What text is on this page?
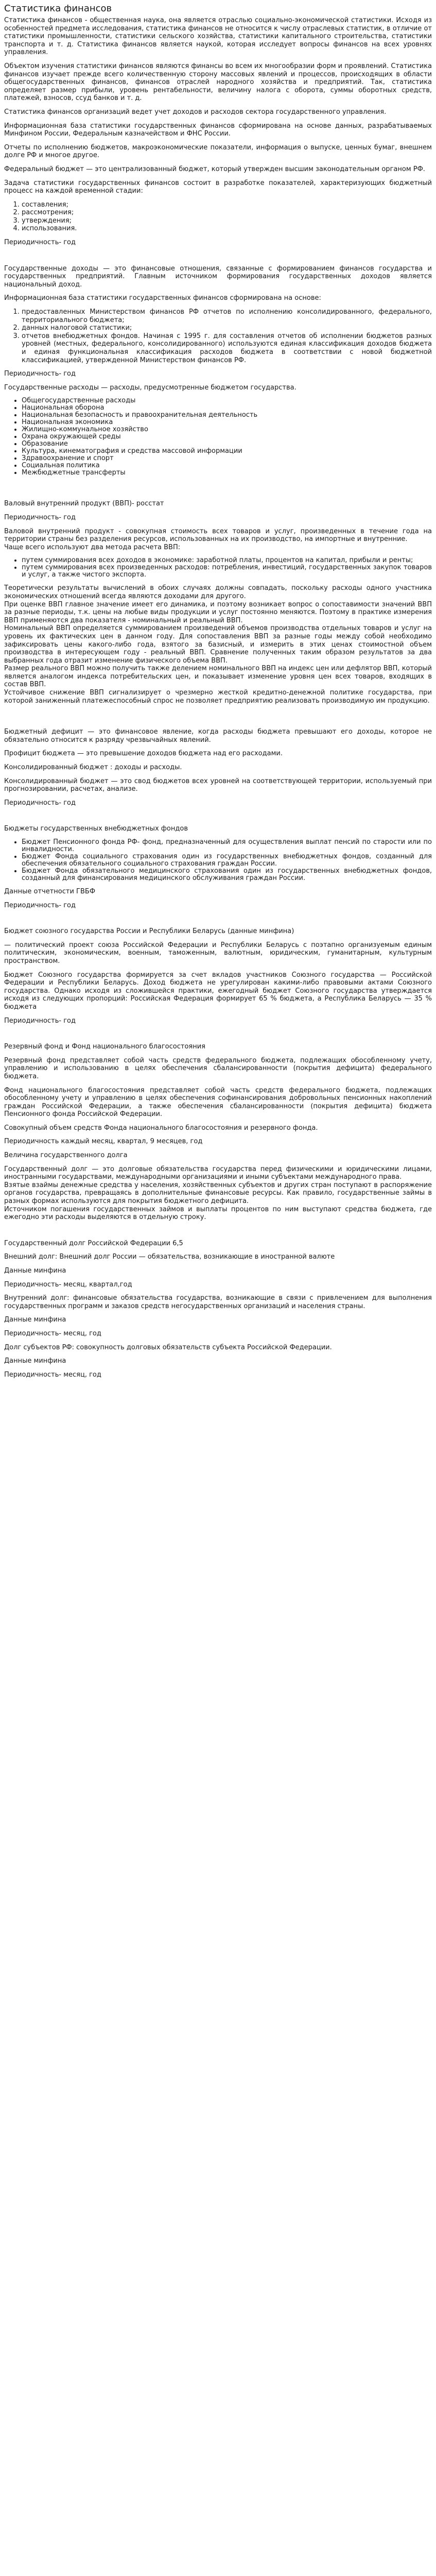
Статистика финансов

Статистика финансов - общественная наука, она является отраслью социально-экономической статистики. Исходя из особенностей предмета исследования, статистика финансов не относится к числу отраслевых статистик, в отличие от статистики промышленности, статистики сельского хозяйства, статистики капитального строительства, статистики транспорта и т. д. Статистика финансов является наукой, которая исследует вопросы финансов на всех уровнях управления.

Объектом изучения статистики финансов являются финансы во всем их многообразии форм и проявлений. Статистика финансов изучает прежде всего количественную сторону массовых явлений и процессов, происходящих в области общегосударственных финансов, финансов отраслей народного хозяйства и предприятий. Так, статистика определяет размер прибыли, уровень рентабельности, величину налога с оборота, суммы оборотных средств, платежей, взносов, ссуд банков и т. д.

Статистика финансов организаций ведет учет доходов и расходов сектора государственного управления.

Информационная база статистики государственных финансов сформирована на основе данных, разрабатываемых Минфином России, Федеральным казначейством и ФНС России.

Отчеты по исполнению бюджетов, макроэкономические показатели, информация о выпуске, ценных бумаг, внешнем долге РФ и многое другое.

Федеральный бюджет — это централизованный бюджет, который утвержден высшим законодательным органом РФ.

Задача статистики государственных финансов состоит в разработке показателей, характеризующих бюджетный процесс на каждой временной стадии:

1. составления;
2. рассмотрения;
3. утверждения;
4. использования.

Периодичность- год

Государственные доходы — это финансовые отношения, связанные с формированием финансов государства и государственных предприятий. Главным источником формирования государственных доходов является национальный доход.

Информационная база статистики государственных финансов сформирована на основе:

1. предоставленных Министерством финансов РФ отчетов по исполнению консолидированного, федерального, территориального бюджета;
2. данных налоговой статистики;
3. отчетов внебюджетных фондов. Начиная с 1995 г. для составления отчетов об исполнении бюджетов разных уровней (местных, федерального, консолидированного) используются единая классификация доходов бюджета и единая функциональная классификация расходов бюджета в соответствии с новой бюджетной классификацией, утвержденной Министерством финансов РФ.

Периодичность- год

Государственные расходы — расходы, предусмотренные бюджетом государства.

• Общегосударственные расходы
• Национальная оборона
• Национальная безопасность и правоохранительная деятельность
• Национальная экономика
• Жилищно-коммунальное хозяйство
• Охрана окружающей среды
• Образование
• Культура, кинематография и средства массовой информации
• Здравоохранение и спорт
• Социальная политика
• Межбюджетные трансферты

Валовый внутренний продукт (ВВП)- росстат

Периодичность- год

Валовой внутренний продукт - совокупная стоимость всех товаров и услуг, произведенных в течение года на территории страны без разделения ресурсов, использованных на их производство, на импортные и внутренние.
Чаще всего используют два метода расчета ВВП:

• путем суммирования всех доходов в экономике: заработной платы, процентов на капитал, прибыли и ренты;
• путем суммирования всех произведенных расходов: потребления, инвестиций, государственных закупок товаров и услуг, а также чистого экспорта.

Теоретически результаты вычислений в обоих случаях должны совпадать, поскольку расходы одного участника экономических отношений всегда являются доходами для другого.
При оценке ВВП главное значение имеет его динамика, и поэтому возникает вопрос о сопоставимости значений ВВП за разные периоды, т.к. цены на любые виды продукции и услуг постоянно меняются. Поэтому в практике измерения ВВП применяются два показателя - номинальный и реальный ВВП.
Номинальный ВВП определяется суммированием произведений объемов производства отдельных товаров и услуг на уровень их фактических цен в данном году. Для сопоставления ВВП за разные годы между собой необходимо зафиксировать цены какого-либо года, взятого за базисный, и измерить в этих ценах стоимостной объем производства в интересующем году - реальный ВВП. Сравнение полученных таким образом результатов за два выбранных года отразит изменение физического объема ВВП.
Размер реального ВВП можно получить также делением номинального ВВП на индекс цен или дефлятор ВВП, который является аналогом индекса потребительских цен, и показывает изменение уровня цен всех товаров, входящих в состав ВВП.
Устойчивое снижение ВВП сигнализирует о чрезмерно жесткой кредитно-денежной политике государства, при которой заниженный платежеспособный спрос не позволяет предприятию реализовать производимую им продукцию.

Бюджетный дефицит — это финансовое явление, когда расходы бюджета превышают его доходы, которое не обязательно относится к разряду чрезвычайных явлений.

Профицит бюджета — это превышение доходов бюджета над его расходами.

Консолидированный бюджет : доходы и расходы.

Консолидированный бюджет — это свод бюджетов всех уровней на соответствующей территории, используемый при прогнозировании, расчетах, анализе.

Периодичность- год

Бюджеты государственных внебюджетных фондов

• Бюджет Пенсионного фонда РФ- фонд, предназначенный для осуществления выплат пенсий по старости или по инвалидности.
• Бюджет Фонда социального страхования один из государственных внебюджетных фондов, созданный для обеспечения обязательного социального страхования граждан России.
• Бюджет Фонда обязательного медицинского страхования один из государственных внебюджетных фондов, созданный для финансирования медицинского обслуживания граждан России.

Данные отчетности ГВБФ

Периодичность- год

Бюджет союзного государства России и Республики Беларусь (данные минфина)

— политический проект союза Российской Федерации и Республики Беларусь с поэтапно организуемым единым политическим, экономическим, военным, таможенным, валютным, юридическим, гуманитарным, культурным пространством.

Бюджет Союзного государства формируется за счет вкладов участников Союзного государства — Российской Федерации и Республики Беларусь. Доход бюджета не урегулирован какими-либо правовыми актами Союзного государства. Однако исходя из сложившейся практики, ежегодный бюджет Союзного государства утверждается исходя из следующих пропорций: Российская Федерация формирует 65 % бюджета, а Республика Беларусь — 35 % бюджета

Периодичность- год

Резервный фонд и Фонд национального благосостояния

Резервный фонд представляет собой часть средств федерального бюджета, подлежащих обособленному учету, управлению и использованию в целях обеспечения сбалансированности (покрытия дефицита) федерального бюджета.

Фонд национального благосостояния представляет собой часть средств федерального бюджета, подлежащих обособленному учету и управлению в целях обеспечения софинансирования добровольных пенсионных накоплений граждан Российской Федерации, а также обеспечения сбалансированности (покрытия дефицита) бюджета Пенсионного фонда Российской Федерации.

Совокупный объем средств Фонда национального благосостояния и резервного фонда.

Периодичность каждый месяц, квартал, 9 месяцев, год

Величина государственного долга

Государственный долг — это долговые обязательства государства перед физическими и юридическими лицами, иностранными государствами, международными организациями и иными субъектами международного права.
Взятые взаймы денежные средства у населения, хозяйственных субъектов и других стран поступают в распоряжение органов государства, превращаясь в дополнительные финансовые ресурсы. Как правило, государственные займы в разных формах используются для покрытия бюджетного дефицита.
Источником погашения государственных займов и выплаты процентов по ним выступают средства бюджета, где ежегодно эти расходы выделяются в отдельную строку.

Государственный долг Российской Федерации 6,5

Внешний долг: Внешний долг России — обязательства, возникающие в иностранной валюте

Данные минфина

Периодичность- месяц, квартал,год

Внутренний долг: финансовые обязательства государства, возникающие в связи с привлечением для выполнения государственных программ и заказов средств негосударственных организаций и населения страны.

Данные минфина

Периодичность- месяц, год

Долг субъектов РФ: совокупность долговых обязательств субъекта Российской Федерации.

Данные минфина

Периодичность- месяц, год
